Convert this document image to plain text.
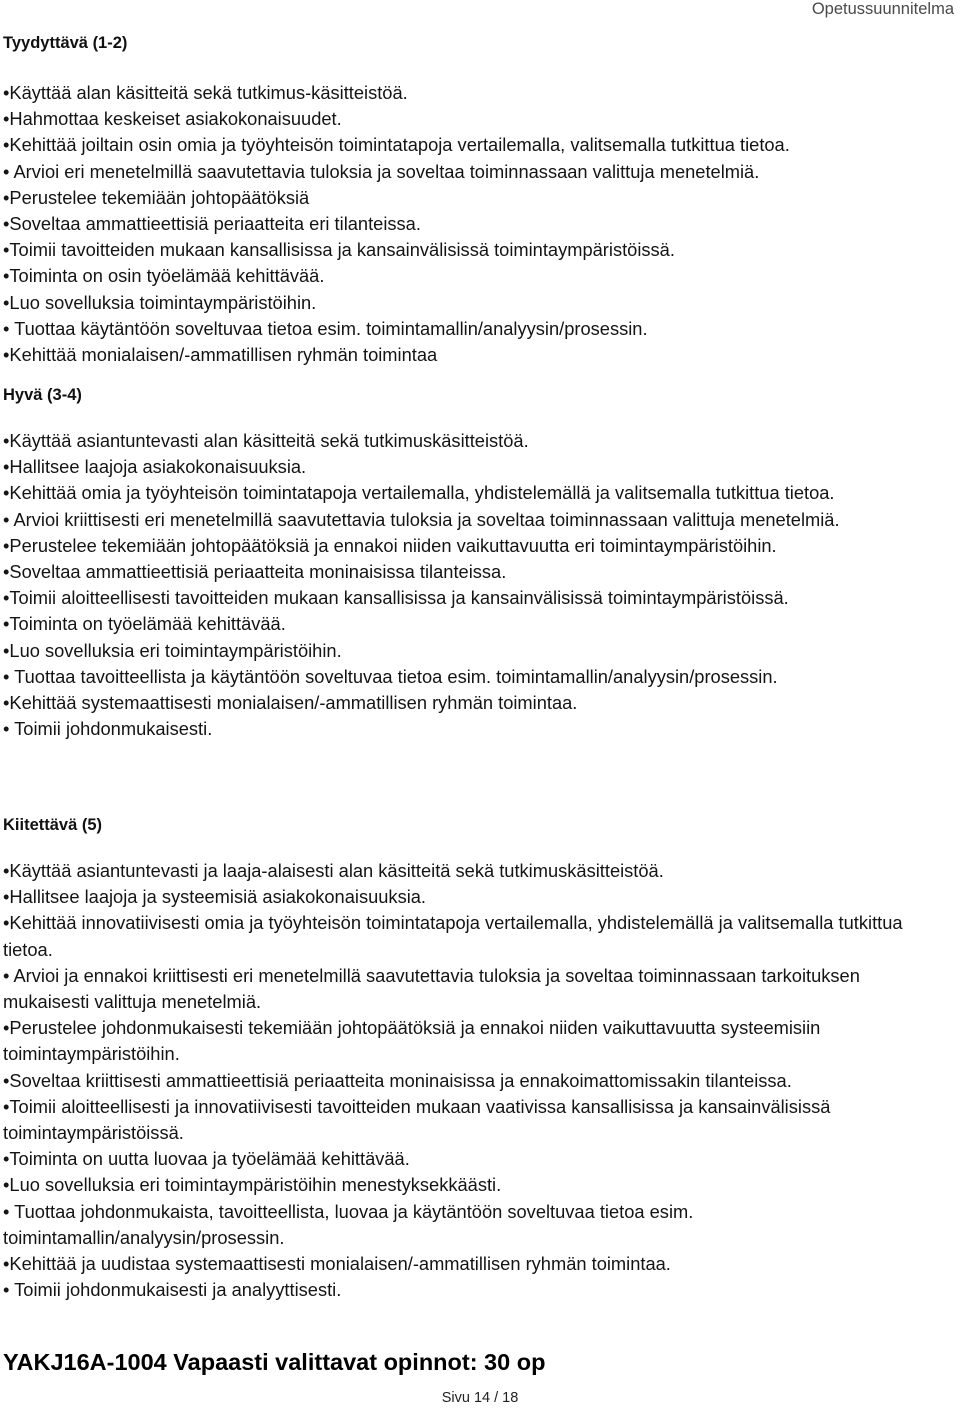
Opetussuunnitelma
Tyydyttävä (1-2)
•Käyttää alan käsitteitä sekä tutkimus-käsitteistöä.
•Hahmottaa keskeiset asiakokonaisuudet.
•Kehittää joiltain osin omia ja työyhteisön toimintatapoja vertailemalla, valitsemalla tutkittua tietoa.
• Arvioi eri menetelmillä saavutettavia tuloksia ja soveltaa toiminnassaan valittuja menetelmiä.
•Perustelee tekemiään johtopäätöksiä
•Soveltaa ammattieettisiä periaatteita eri tilanteissa.
•Toimii tavoitteiden mukaan kansallisissa ja kansainvälisissä toimintaympäristöissä.
•Toiminta on osin työelämää kehittävää.
•Luo sovelluksia toimintaympäristöihin.
• Tuottaa käytäntöön soveltuvaa tietoa esim. toimintamallin/analyysin/prosessin.
•Kehittää monialaisen/-ammatillisen ryhmän toimintaa
Hyvä (3-4)
•Käyttää asiantuntevasti alan käsitteitä sekä tutkimuskäsitteistöä.
•Hallitsee laajoja asiakokonaisuuksia.
•Kehittää omia ja työyhteisön toimintatapoja vertailemalla, yhdistelemällä ja valitsemalla tutkittua tietoa.
• Arvioi kriittisesti eri menetelmillä saavutettavia tuloksia ja soveltaa toiminnassaan valittuja menetelmiä.
•Perustelee tekemiään johtopäätöksiä ja ennakoi niiden vaikuttavuutta eri toimintaympäristöihin.
•Soveltaa ammattieettisiä periaatteita moninaisissa tilanteissa.
•Toimii aloitteellisesti tavoitteiden mukaan kansallisissa ja kansainvälisissä toimintaympäristöissä.
•Toiminta on työelämää kehittävää.
•Luo sovelluksia eri toimintaympäristöihin.
• Tuottaa tavoitteellista ja käytäntöön soveltuvaa tietoa esim. toimintamallin/analyysin/prosessin.
•Kehittää systemaattisesti monialaisen/-ammatillisen ryhmän toimintaa.
• Toimii johdonmukaisesti.
Kiitettävä (5)
•Käyttää asiantuntevasti ja laaja-alaisesti alan käsitteitä sekä tutkimuskäsitteistöä.
•Hallitsee laajoja ja systeemisiä asiakokonaisuuksia.
•Kehittää innovatiivisesti omia ja työyhteisön toimintatapoja vertailemalla, yhdistelemällä ja valitsemalla tutkittua tietoa.
• Arvioi ja ennakoi kriittisesti eri menetelmillä saavutettavia tuloksia ja soveltaa toiminnassaan tarkoituksen mukaisesti valittuja menetelmiä.
•Perustelee johdonmukaisesti tekemiään johtopäätöksiä ja ennakoi niiden vaikuttavuutta systeemisiin toimintaympäristöihin.
•Soveltaa kriittisesti ammattieettisiä periaatteita moninaisissa ja ennakoimattomissakin tilanteissa.
•Toimii aloitteellisesti ja innovatiivisesti tavoitteiden mukaan vaativissa kansallisissa ja kansainvälisissä toimintaympäristöissä.
•Toiminta on uutta luovaa ja työelämää kehittävää.
•Luo sovelluksia eri toimintaympäristöihin menestyksekkäästi.
• Tuottaa johdonmukaista, tavoitteellista, luovaa ja käytäntöön soveltuvaa tietoa esim. toimintamallin/analyysin/prosessin.
•Kehittää ja uudistaa systemaattisesti monialaisen/-ammatillisen ryhmän toimintaa.
• Toimii johdonmukaisesti ja analyyttisesti.
YAKJ16A-1004 Vapaasti valittavat opinnot: 30 op
Sivu 14 / 18
